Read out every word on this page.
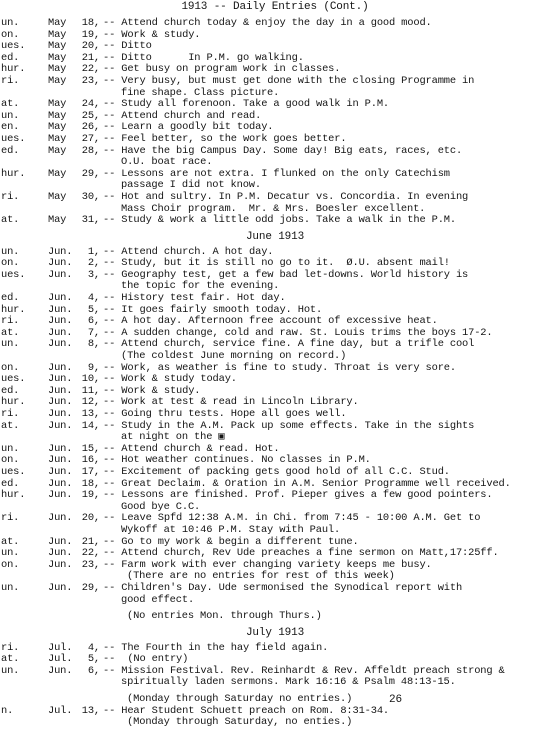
1913 -- Daily Entries (Cont.)
un.	May	18, -- Attend church today & enjoy the day in a good mood.
on.	May	19, -- Work & study.
ues.	May	20, -- Ditto
ed.	May	21, -- Ditto      In P.M. go walking.
hur.	May	22, -- Get busy on program work in classes.
ri.	May	23, -- Very busy, but must get done with the closing Programme in
fine shape. Class picture.
at.	May	24, -- Study all forenoon. Take a good walk in P.M.
un.	May	25, -- Attend church and read.
en.	May	26, -- Learn a goodly bit today.
ues.	May	27, -- Feel better, so the work goes better.
ed.	May	28, -- Have the big Campus Day. Some day! Big eats, races, etc.
O.U. boat race.
hur.	May	29, -- Lessons are not extra. I flunked on the only Catechism
passage I did not know.
ri.	May	30, -- Hot and sultry. In P.M. Decatur vs. Concordia. In evening
Mass Choir program.  Mr. & Mrs. Boesler excellent.
at.	May	31, -- Study & work a little odd jobs. Take a walk in the P.M.
June 1913
un.	Jun.	1, -- Attend church. A hot day.
on.	Jun.	2, -- Study, but it is still no go to it.  Ø.U. absent mail!
ues.	Jun.	3, -- Geography test, get a few bad let-downs. World history is
the topic for the evening.
ed.	Jun.	4, -- History test fair. Hot day.
hur.	Jun.	5, -- It goes fairly smooth today. Hot.
ri.	Jun.	6, -- A hot day. Afternoon free account of excessive heat.
at.	Jun.	7, -- A sudden change, cold and raw. St. Louis trims the boys 17-2.
un.	Jun.	8, -- Attend church, service fine. A fine day, but a trifle cool
(The coldest June morning on record.)
on.	Jun.	9, -- Work, as weather is fine to study. Throat is very sore.
ues.	Jun. 10, -- Work & study today.
ed.	Jun. 11, -- Work & study.
hur.	Jun. 12, -- Work at test & read in Lincoln Library.
ri.	Jun. 13, -- Going thru tests. Hope all goes well.
at.	Jun. 14, -- Study in the A.M. Pack up some effects. Take in the sights
at night on the ▣
un.	Jun. 15, -- Attend church & read. Hot.
on.	Jun. 16, -- Hot weather continues. No classes in P.M.
ues.	Jun. 17, -- Excitement of packing gets good hold of all C.C. Stud.
ed.	Jun. 18, -- Great Declaim. & Oration in A.M. Senior Programme well received.
hur.	Jun. 19, -- Lessons are finished. Prof. Pieper gives a few good pointers.
Good bye C.C.
ri.	Jun. 20, -- Leave Spfd 12:38 A.M. in Chi. from 7:45 - 10:00 A.M. Get to
Wykoff at 10:46 P.M. Stay with Paul.
at.	Jun. 21, -- Go to my work & begin a different tune.
un.	Jun. 22, -- Attend church, Rev Ude preaches a fine sermon on Matt,17:25ff.
on.	Jun. 23, -- Farm work with ever changing variety keeps me busy.
(There are no entries for rest of this week)
un.	Jun. 29, -- Children's Day. Ude sermonised the Synodical report with
good effect.
(No entries Mon. through Thurs.)
July 1913
ri.	Jul.	4, -- The Fourth in the hay field again.
at.	Jul.	5, --  (No entry)
un.	Jun.	6, -- Mission Festival. Rev. Reinhardt & Rev. Affeldt preach strong &
spiritually laden sermons. Mark 16:16 & Psalm 48:13-15.
(Monday through Saturday no entries.)
n.	Jul. 13, -- Hear Student Schuett preach on Rom. 8:31-34.
(Monday through Saturday, no enties.)
26
